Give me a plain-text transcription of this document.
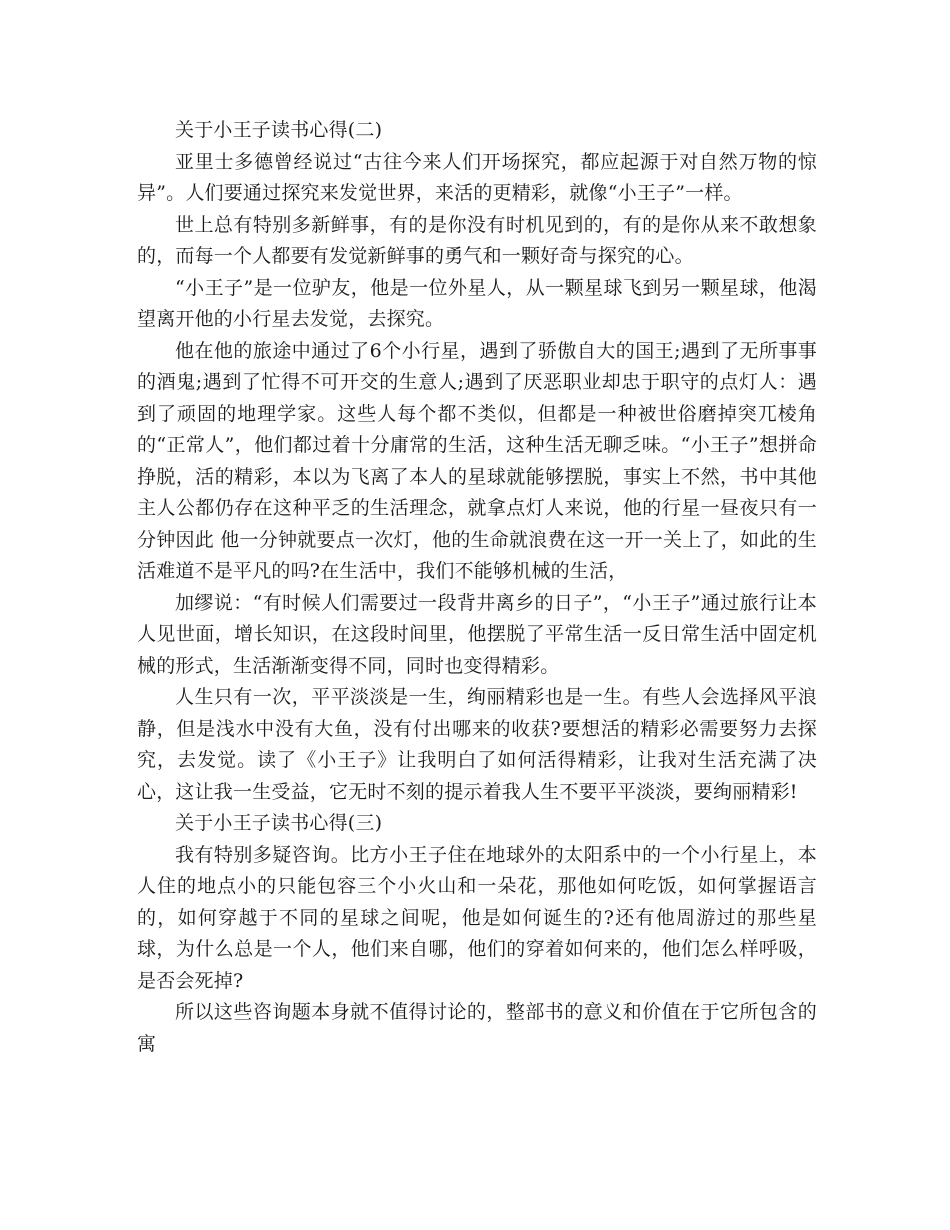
关于小王子读书心得(二)

亚里士多德曾经说过“古往今来人们开场探究，都应起源于对自然万物的惊异”。人们要通过探究来发觉世界，来活的更精彩，就像“小王子”一样。

世上总有特别多新鲜事，有的是你没有时机见到的，有的是你从来不敢想象的，而每一个人都要有发觉新鲜事的勇气和一颗好奇与探究的心。

“小王子”是一位驴友，他是一位外星人，从一颗星球飞到另一颗星球，他渴望离开他的小行星去发觉，去探究。

他在他的旅途中通过了6个小行星，遇到了骄傲自大的国王;遇到了无所事事的酒鬼;遇到了忙得不可开交的生意人;遇到了厌恶职业却忠于职守的点灯人：遇到了顽固的地理学家。这些人每个都不类似，但都是一种被世俗磨掉突兀棱角的“正常人”，他们都过着十分庸常的生活，这种生活无聊乏味。“小王子”想拼命挣脱，活的精彩，本以为飞离了本人的星球就能够摆脱，事实上不然，书中其他主人公都仍存在这种平乏的生活理念，就拿点灯人来说，他的行星一昼夜只有一分钟因此 他一分钟就要点一次灯，他的生命就浪费在这一开一关上了，如此的生活难道不是平凡的吗?在生活中，我们不能够机械的生活，

加缪说：“有时候人们需要过一段背井离乡的日子”，“小王子”通过旅行让本人见世面，增长知识，在这段时间里，他摆脱了平常生活一反日常生活中固定机械的形式，生活渐渐变得不同，同时也变得精彩。

人生只有一次，平平淡淡是一生，绚丽精彩也是一生。有些人会选择风平浪静，但是浅水中没有大鱼，没有付出哪来的收获?要想活的精彩必需要努力去探究，去发觉。读了《小王子》让我明白了如何活得精彩，让我对生活充满了决心，这让我一生受益，它无时不刻的提示着我人生不要平平淡淡，要绚丽精彩!

关于小王子读书心得(三)

我有特别多疑咨询。比方小王子住在地球外的太阳系中的一个小行星上，本人住的地点小的只能包容三个小火山和一朵花，那他如何吃饭，如何掌握语言的，如何穿越于不同的星球之间呢，他是如何诞生的?还有他周游过的那些星球，为什么总是一个人，他们来自哪，他们的穿着如何来的，他们怎么样呼吸，是否会死掉?

所以这些咨询题本身就不值得讨论的，整部书的意义和价值在于它所包含的寓
